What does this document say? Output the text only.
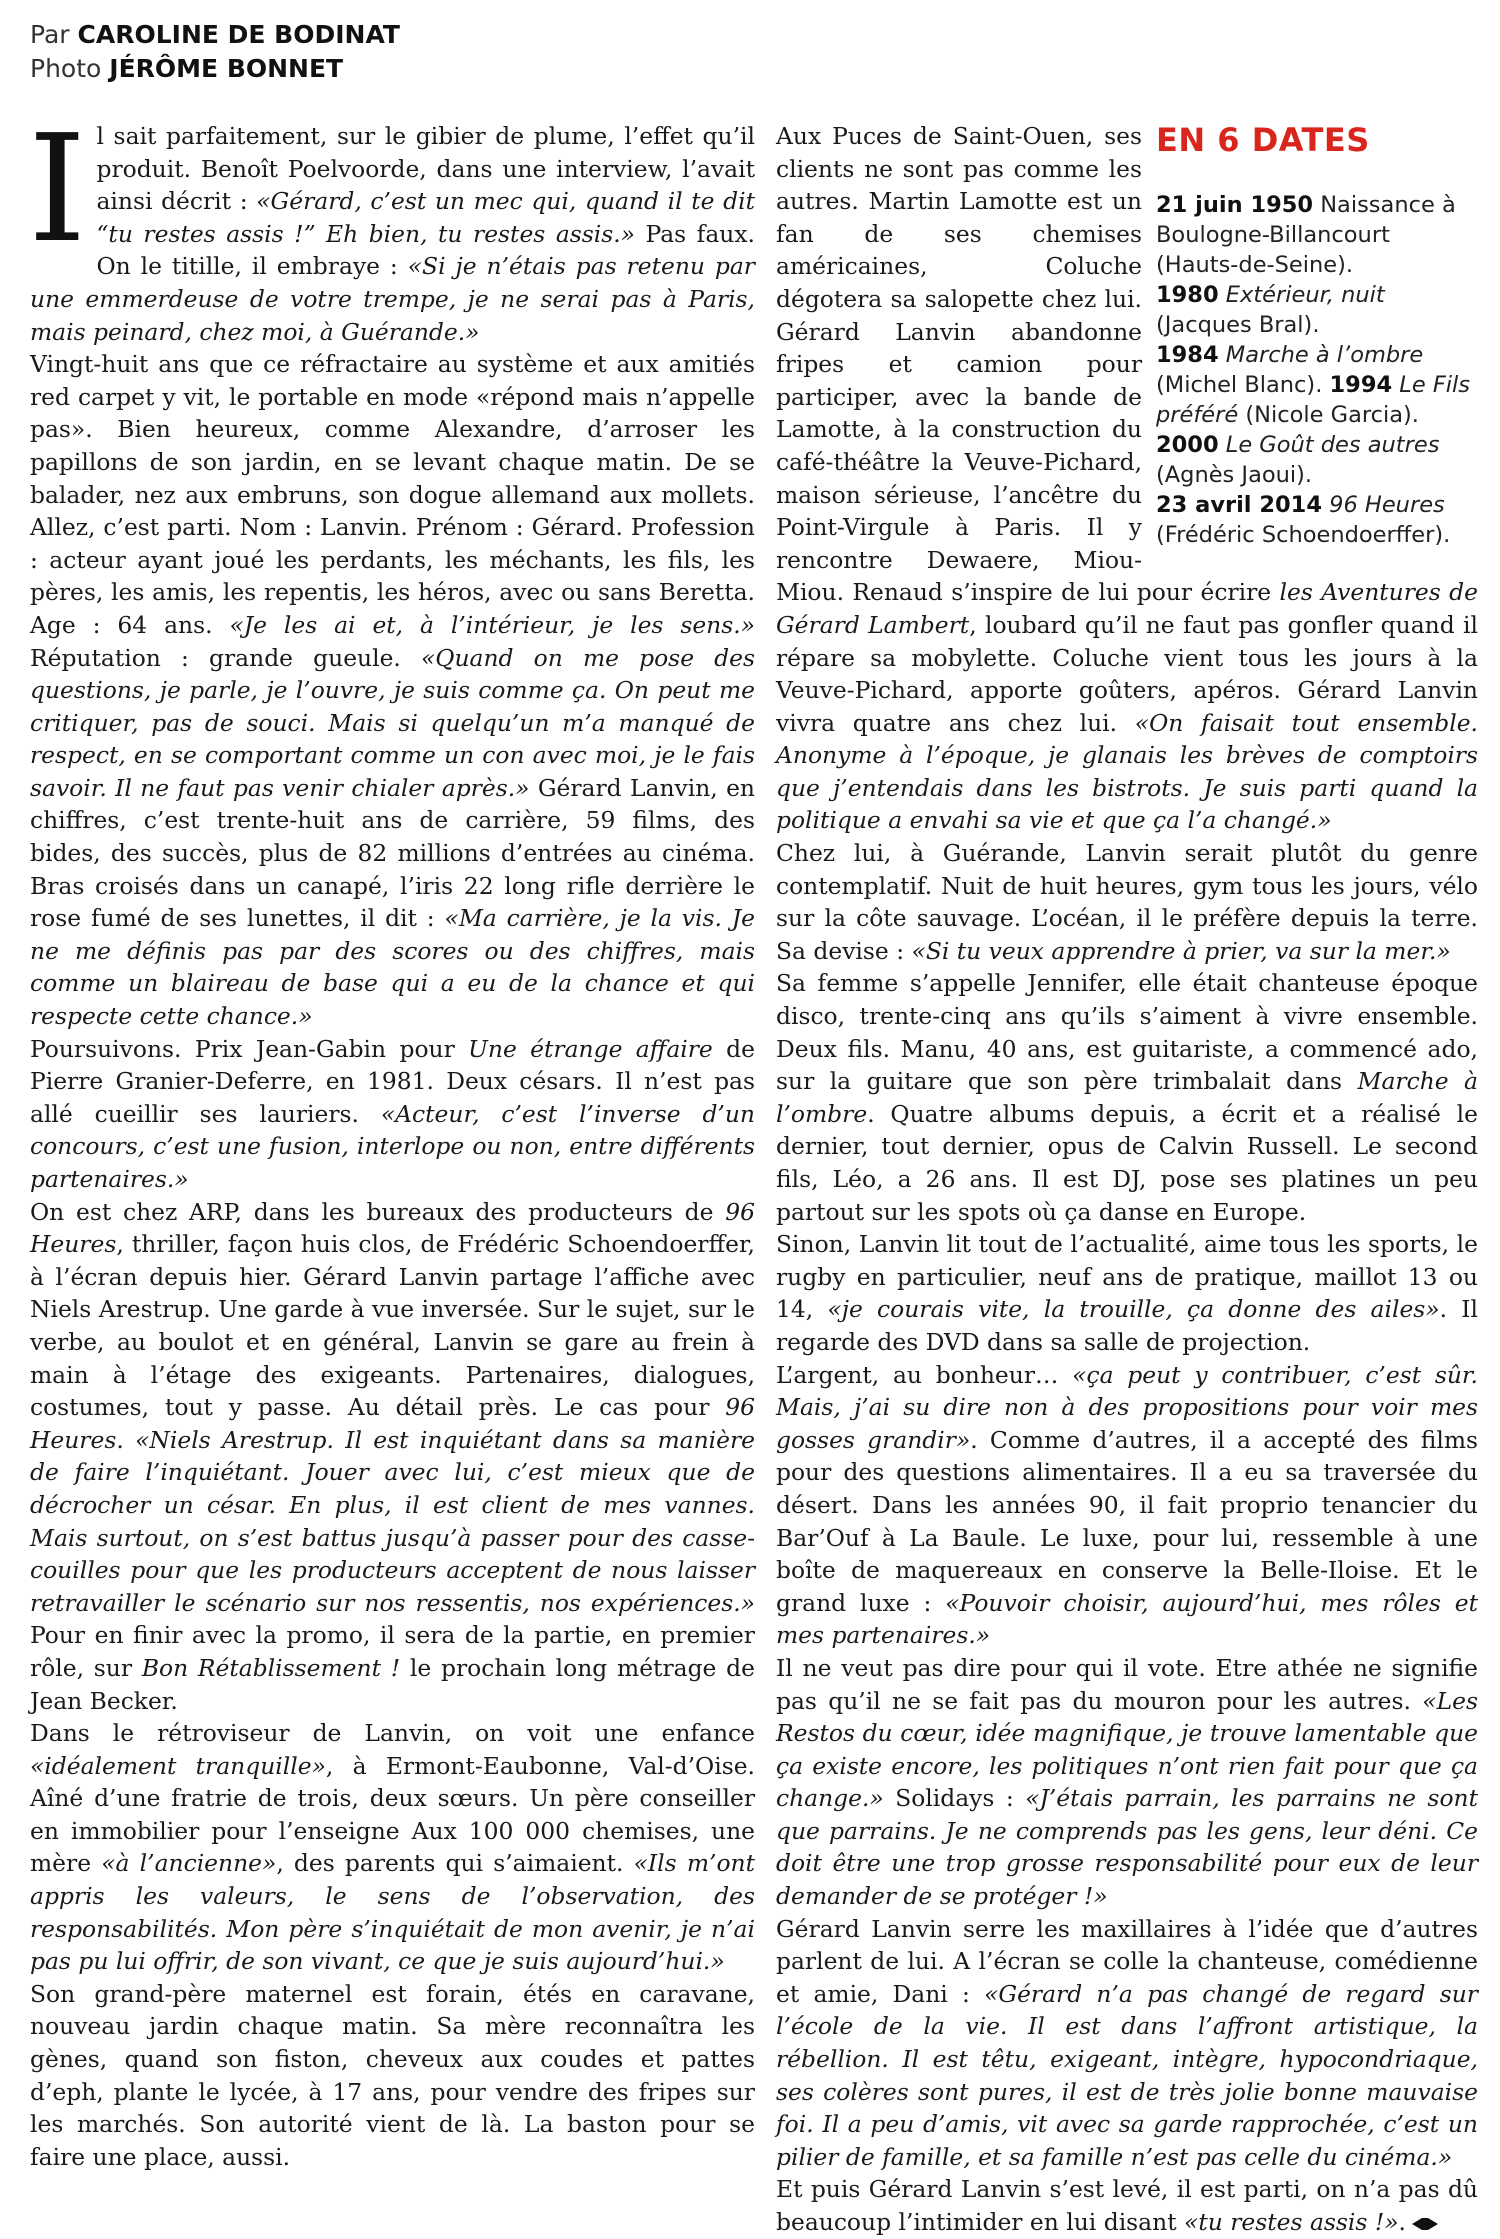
Par CAROLINE DE BODINAT
Photo JÉRÔME BONNET
I l sait parfaitement, sur le gibier de plume, l’effet qu’il produit. Benoît Poelvoorde, dans une interview, l’avait ainsi décrit : «Gérard, c’est un mec qui, quand il te dit “tu restes assis !” Eh bien, tu restes assis.» Pas faux. On le titille, il embraye : «Si je n’étais pas retenu par une emmerdeuse de votre trempe, je ne serai pas à Paris, mais peinard, chez moi, à Guérande.»

Vingt-huit ans que ce réfractaire au système et aux amitiés red carpet y vit, le portable en mode «répond mais n’appelle pas». Bien heureux, comme Alexandre, d’arroser les papillons de son jardin, en se levant chaque matin. De se balader, nez aux embruns, son dogue allemand aux mollets. Allez, c’est parti. Nom : Lanvin. Prénom : Gérard. Profession : acteur ayant joué les perdants, les méchants, les fils, les pères, les amis, les repentis, les héros, avec ou sans Beretta. Age : 64 ans. «Je les ai et, à l’intérieur, je les sens.» Réputation : grande gueule. «Quand on me pose des questions, je parle, je l’ouvre, je suis comme ça. On peut me critiquer, pas de souci. Mais si quelqu’un m’a manqué de respect, en se comportant comme un con avec moi, je le fais savoir. Il ne faut pas venir chialer après.» Gérard Lanvin, en chiffres, c’est trente-huit ans de carrière, 59 films, des bides, des succès, plus de 82 millions d’entrées au cinéma. Bras croisés dans un canapé, l’iris 22 long rifle derrière le rose fumé de ses lunettes, il dit : «Ma carrière, je la vis. Je ne me définis pas par des scores ou des chiffres, mais comme un blaireau de base qui a eu de la chance et qui respecte cette chance.»

Poursuivons. Prix Jean-Gabin pour Une étrange affaire de Pierre Granier-Deferre, en 1981. Deux césars. Il n’est pas allé cueillir ses lauriers. «Acteur, c’est l’inverse d’un concours, c’est une fusion, interlope ou non, entre différents partenaires.»

On est chez ARP, dans les bureaux des producteurs de 96 Heures, thriller, façon huis clos, de Frédéric Schoendoerffer, à l’écran depuis hier. Gérard Lanvin partage l’affiche avec Niels Arestrup. Une garde à vue inversée. Sur le sujet, sur le verbe, au boulot et en général, Lanvin se gare au frein à main à l’étage des exigeants. Partenaires, dialogues, costumes, tout y passe. Au détail près. Le cas pour 96 Heures. «Niels Arestrup. Il est inquiétant dans sa manière de faire l’inquiétant. Jouer avec lui, c’est mieux que de décrocher un césar. En plus, il est client de mes vannes. Mais surtout, on s’est battus jusqu’à passer pour des casse-couilles pour que les producteurs acceptent de nous laisser retravailler le scénario sur nos ressentis, nos expériences.» Pour en finir avec la promo, il sera de la partie, en premier rôle, sur Bon Rétablissement ! le prochain long métrage de Jean Becker.

Dans le rétroviseur de Lanvin, on voit une enfance «idéalement tranquille», à Ermont-Eaubonne, Val-d’Oise. Aîné d’une fratrie de trois, deux sœurs. Un père conseiller en immobilier pour l’enseigne Aux 100 000 chemises, une mère «à l’ancienne», des parents qui s’aimaient. «Ils m’ont appris les valeurs, le sens de l’observation, des responsabilités. Mon père s’inquiétait de mon avenir, je n’ai pas pu lui offrir, de son vivant, ce que je suis aujourd’hui.»

Son grand-père maternel est forain, étés en caravane, nouveau jardin chaque matin. Sa mère reconnaîtra les gènes, quand son fiston, cheveux aux coudes et pattes d’eph, plante le lycée, à 17 ans, pour vendre des fripes sur les marchés. Son autorité vient de là. La baston pour se faire une place, aussi.

EN 6 DATES
21 juin 1950 Naissance à Boulogne-Billancourt (Hauts-de-Seine).
1980 Extérieur, nuit (Jacques Bral).
1984 Marche à l’ombre (Michel Blanc). 1994 Le Fils préféré (Nicole Garcia).
2000 Le Goût des autres (Agnès Jaoui).
23 avril 2014 96 Heures (Frédéric Schoendoerffer).

Aux Puces de Saint-Ouen, ses clients ne sont pas comme les autres. Martin Lamotte est un fan de ses chemises américaines, Coluche dégotera sa salopette chez lui. Gérard Lanvin abandonne fripes et camion pour participer, avec la bande de Lamotte, à la construction du café-théâtre la Veuve-Pichard, maison sérieuse, l’ancêtre du Point-Virgule à Paris. Il y rencontre Dewaere, Miou-Miou. Renaud s’inspire de lui pour écrire les Aventures de Gérard Lambert, loubard qu’il ne faut pas gonfler quand il répare sa mobylette. Coluche vient tous les jours à la Veuve-Pichard, apporte goûters, apéros. Gérard Lanvin vivra quatre ans chez lui. «On faisait tout ensemble. Anonyme à l’époque, je glanais les brèves de comptoirs que j’entendais dans les bistrots. Je suis parti quand la politique a envahi sa vie et que ça l’a changé.»

Chez lui, à Guérande, Lanvin serait plutôt du genre contemplatif. Nuit de huit heures, gym tous les jours, vélo sur la côte sauvage. L’océan, il le préfère depuis la terre. Sa devise : «Si tu veux apprendre à prier, va sur la mer.»

Sa femme s’appelle Jennifer, elle était chanteuse époque disco, trente-cinq ans qu’ils s’aiment à vivre ensemble. Deux fils. Manu, 40 ans, est guitariste, a commencé ado, sur la guitare que son père trimbalait dans Marche à l’ombre. Quatre albums depuis, a écrit et a réalisé le dernier, tout dernier, opus de Calvin Russell. Le second fils, Léo, a 26 ans. Il est DJ, pose ses platines un peu partout sur les spots où ça danse en Europe.

Sinon, Lanvin lit tout de l’actualité, aime tous les sports, le rugby en particulier, neuf ans de pratique, maillot 13 ou 14, «je courais vite, la trouille, ça donne des ailes». Il regarde des DVD dans sa salle de projection.

L’argent, au bonheur… «ça peut y contribuer, c’est sûr. Mais, j’ai su dire non à des propositions pour voir mes gosses grandir». Comme d’autres, il a accepté des films pour des questions alimentaires. Il a eu sa traversée du désert. Dans les années 90, il fait proprio tenancier du Bar’Ouf à La Baule. Le luxe, pour lui, ressemble à une boîte de maquereaux en conserve la Belle-Iloise. Et le grand luxe : «Pouvoir choisir, aujourd’hui, mes rôles et mes partenaires.»

Il ne veut pas dire pour qui il vote. Etre athée ne signifie pas qu’il ne se fait pas du mouron pour les autres. «Les Restos du cœur, idée magnifique, je trouve lamentable que ça existe encore, les politiques n’ont rien fait pour que ça change.» Solidays : «J’étais parrain, les parrains ne sont que parrains. Je ne comprends pas les gens, leur déni. Ce doit être une trop grosse responsabilité pour eux de leur demander de se protéger !»

Gérard Lanvin serre les maxillaires à l’idée que d’autres parlent de lui. A l’écran se colle la chanteuse, comédienne et amie, Dani : «Gérard n’a pas changé de regard sur l’école de la vie. Il est dans l’affront artistique, la rébellion. Il est têtu, exigeant, intègre, hypocondriaque, ses colères sont pures, il est de très jolie bonne mauvaise foi. Il a peu d’amis, vit avec sa garde rapprochée, c’est un pilier de famille, et sa famille n’est pas celle du cinéma.»

Et puis Gérard Lanvin s’est levé, il est parti, on n’a pas dû beaucoup l’intimider en lui disant «tu restes assis !».
